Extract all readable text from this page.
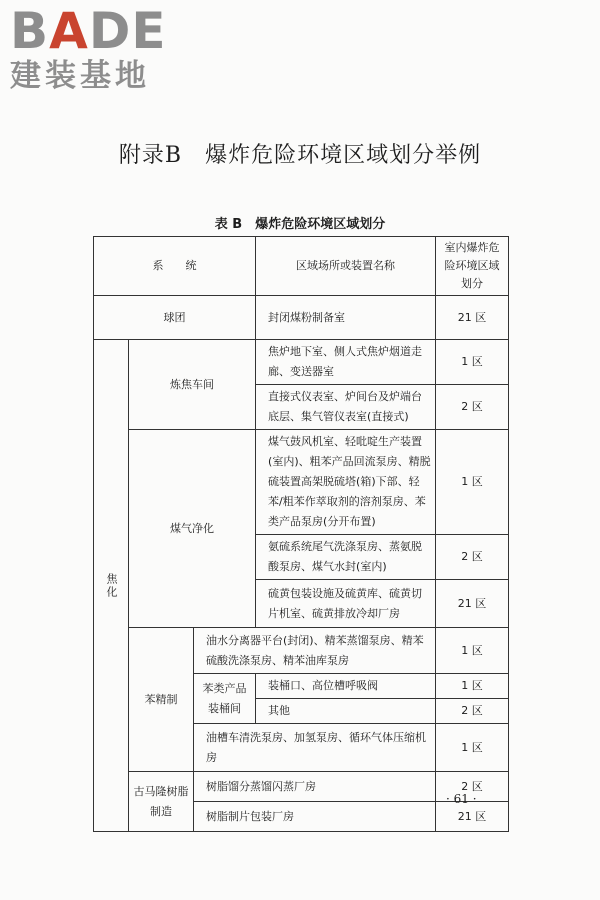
BADE
建装基地
附录B　爆炸危险环境区域划分举例
表 B　爆炸危险环境区域划分
系　　统			区域场所或装置名称	室内爆炸危险环境区域划分
球团			封闭煤粉制备室	21 区

焦化	炼焦车间		焦炉地下室、侧人式焦炉烟道走廊、变送器室	1 区
			直接式仪表室、炉间台及炉端台底层、集气管仪表室(直接式)	2 区
	煤气净化		煤气鼓风机室、轻吡啶生产装置(室内)、粗苯产品回流泵房、精脱硫装置高架脱硫塔(箱)下部、轻苯/粗苯作萃取剂的溶剂泵房、苯类产品泵房(分开布置)	1 区
			氨硫系统尾气洗涤泵房、蒸氨脱酸泵房、煤气水封(室内)	2 区
			硫黄包装设施及硫黄库、硫黄切片机室、硫黄排放冷却厂房	21 区
	苯精制	油水分离器平台(封闭)、精苯蒸馏泵房、精苯硫酸洗涤泵房、精苯油库泵房		1 区
		苯类产品装桶间	装桶口、高位槽呼吸阀	1 区
			其他	2 区
		油槽车清洗泵房、加氢泵房、循环气体压缩机房		1 区
	古马隆树脂制造	树脂馏分蒸馏闪蒸厂房		2 区
		树脂制片包装厂房		21 区
· 61 ·
